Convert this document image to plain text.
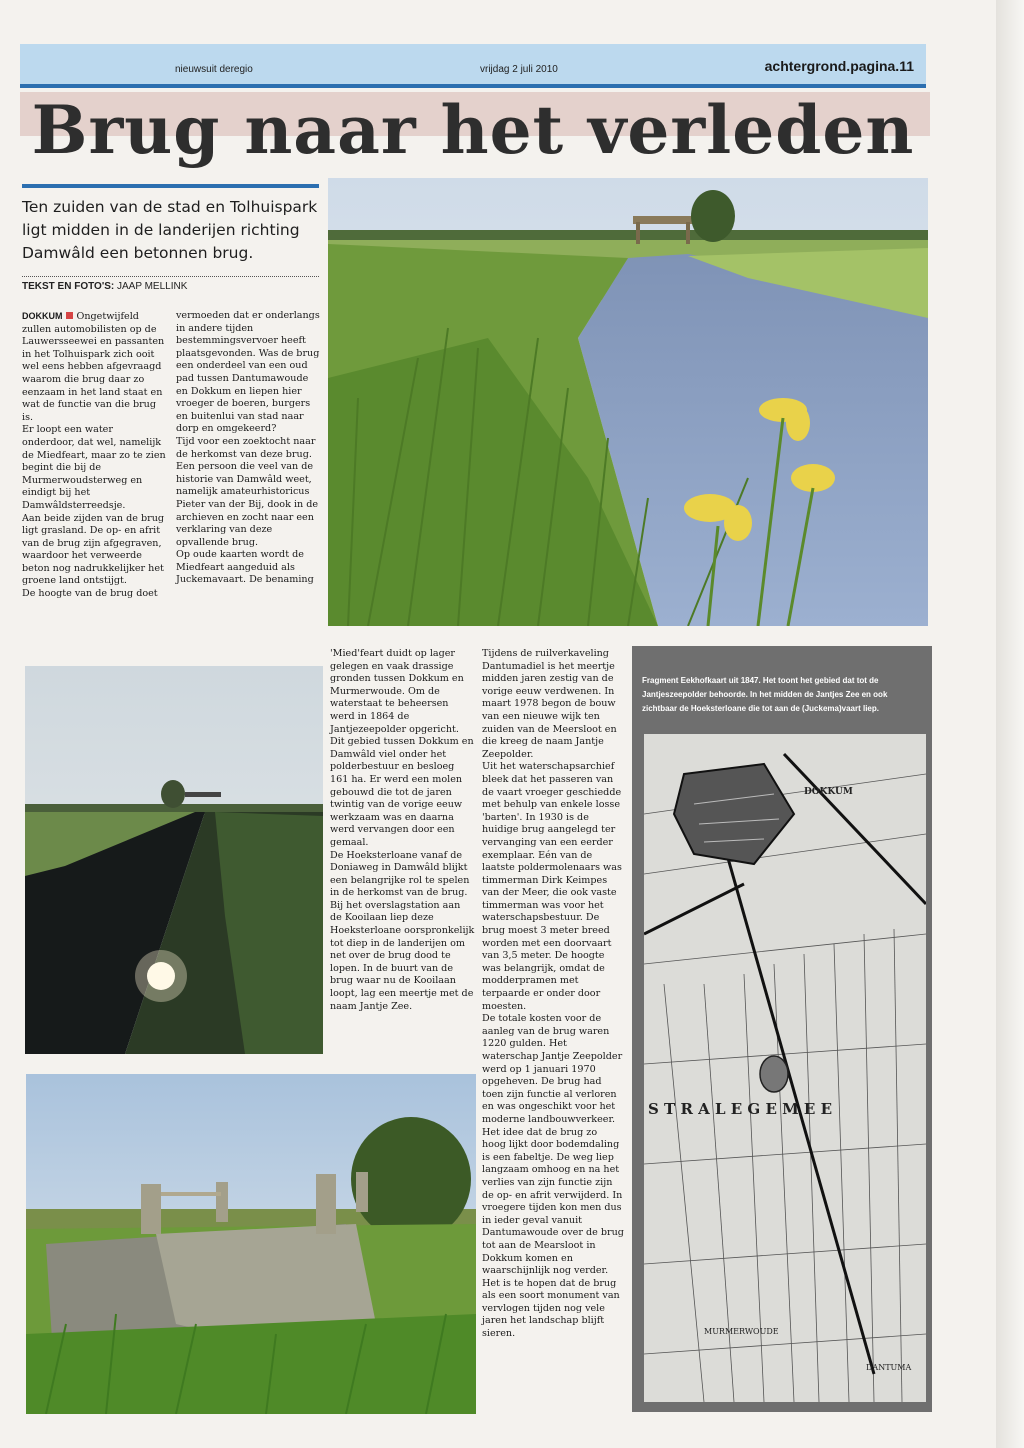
nieuwsuit deregio	vrijdag 2 juli 2010	achtergrond.pagina.11
Brug naar het verleden
Ten zuiden van de stad en Tolhuispark ligt midden in de landerijen richting Damwâld een betonnen brug.
TEKST EN FOTO'S: JAAP MELLINK

DOKKUM Ongetwijfeld zullen automobilisten op de Lauwersseewei en passanten in het Tolhuispark zich ooit wel eens hebben afgevraagd waarom die brug daar zo eenzaam in het land staat en wat de functie van die brug is.

Er loopt een water onderdoor, dat wel, namelijk de Miedfeart, maar zo te zien begint die bij de Murmerwoudsterweg en eindigt bij het Damwâldsterreedsje.

Aan beide zijden van de brug ligt grasland. De op- en afrit van de brug zijn afgegraven, waardoor het verweerde beton nog nadrukkelijker het groene land ontstijgt.

De hoogte van de brug doet

vermoeden dat er onderlangs in andere tijden bestemmingsvervoer heeft plaatsgevonden. Was de brug een onderdeel van een oud pad tussen Dantumawoude en Dokkum en liepen hier vroeger de boeren, burgers en buitenlui van stad naar dorp en omgekeerd?

Tijd voor een zoektocht naar de herkomst van deze brug. Een persoon die veel van de historie van Damwâld weet, namelijk amateurhistoricus Pieter van der Bij, dook in de archieven en zocht naar een verklaring van deze opvallende brug.

Op oude kaarten wordt de Miedfeart aangeduid als Juckemavaart. De benaming

'Mied'feart duidt op lager gelegen en vaak drassige gronden tussen Dokkum en Murmerwoude. Om de waterstaat te beheersen werd in 1864 de Jantjezeepolder opgericht. Dit gebied tussen Dokkum en Damwâld viel onder het polderbestuur en besloeg 161 ha. Er werd een molen gebouwd die tot de jaren twintig van de vorige eeuw werkzaam was en daarna werd vervangen door een gemaal.

De Hoeksterloane vanaf de Doniaweg in Damwâld blijkt een belangrijke rol te spelen in de herkomst van de brug. Bij het overslagstation aan de Kooilaan liep deze Hoeksterloane oorspronkelijk tot diep in de landerijen om net over de brug dood te lopen. In de buurt van de brug waar nu de Kooilaan loopt, lag een meertje met de naam Jantje Zee.

Tijdens de ruilverkaveling Dantumadiel is het meertje midden jaren zestig van de vorige eeuw verdwenen. In maart 1978 begon de bouw van een nieuwe wijk ten zuiden van de Meersloot en die kreeg de naam Jantje Zeepolder.

Uit het waterschapsarchief bleek dat het passeren van de vaart vroeger geschiedde met behulp van enkele losse 'barten'. In 1930 is de huidige brug aangelegd ter vervanging van een eerder exemplaar. Eén van de laatste poldermolenaars was timmerman Dirk Keimpes van der Meer, die ook vaste timmerman was voor het waterschapsbestuur. De brug moest 3 meter breed worden met een doorvaart van 3,5 meter. De hoogte was belangrijk, omdat de modderpramen met terpaarde er onder door moesten.

De totale kosten voor de aanleg van de brug waren 1220 gulden. Het waterschap Jantje Zeepolder werd op 1 januari 1970 opgeheven. De brug had toen zijn functie al verloren en was ongeschikt voor het moderne landbouwverkeer.

Het idee dat de brug zo hoog lijkt door bodemdaling is een fabeltje. De weg liep langzaam omhoog en na het verlies van zijn functie zijn de op- en afrit verwijderd. In vroegere tijden kon men dus in ieder geval vanuit Dantumawoude over de brug tot aan de Mearsloot in Dokkum komen en waarschijnlijk nog verder. Het is te hopen dat de brug als een soort monument van vervlogen tijden nog vele jaren het landschap blijft sieren.

Fragment Eekhofkaart uit 1847. Het toont het gebied dat tot de Jantjeszeepolder behoorde. In het midden de Jantjes Zee en ook zichtbaar de Hoeksterloane die tot aan de (Juckema)vaart liep.
DOKKUM
S T R A L E G E M E E
MURMERWOUDE
DANTUMA
